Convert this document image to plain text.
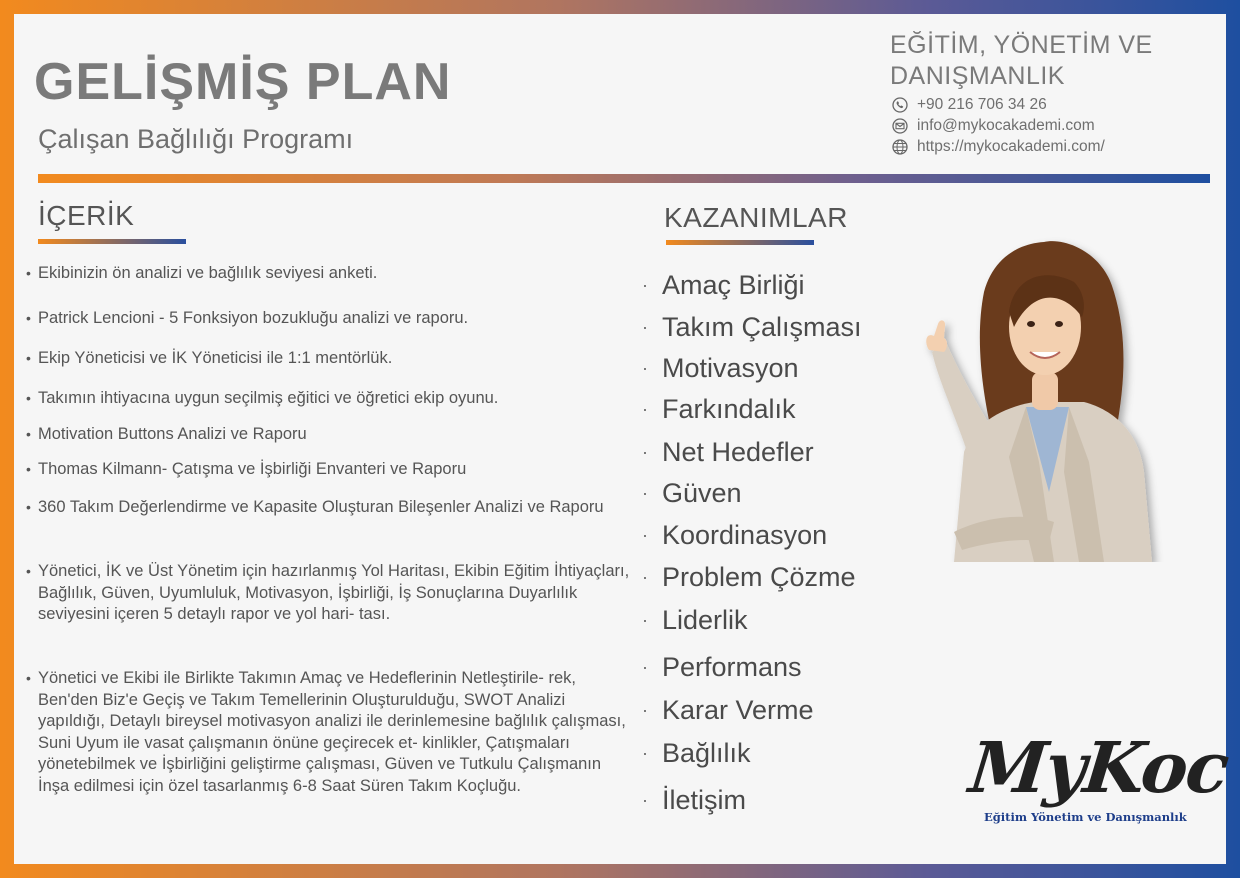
GELİŞMİŞ PLAN
Çalışan Bağlılığı Programı
EĞİTİM, YÖNETİM VE
DANIŞMANLIK
+90 216 706 34 26
info@mykocakademi.com
https://mykocakademi.com/
İÇERİK	KAZANIMLAR
• Ekibinizin ön analizi ve bağlılık seviyesi anketi.
• Patrick Lencioni - 5 Fonksiyon bozukluğu analizi ve raporu.
• Ekip Yöneticisi ve İK Yöneticisi ile 1:1 mentörlük.
• Takımın ihtiyacına uygun seçilmiş eğitici ve öğretici ekip oyunu.
• Motivation Buttons Analizi ve Raporu
• Thomas Kilmann- Çatışma ve İşbirliği Envanteri ve Raporu
• 360 Takım Değerlendirme ve Kapasite Oluşturan Bileşenler Analizi ve Raporu
• Yönetici, İK ve Üst Yönetim için hazırlanmış Yol Haritası, Ekibin Eğitim İhtiyaçları, Bağlılık, Güven, Uyumluluk, Motivasyon, İşbirliği, İş Sonuçlarına Duyarlılık seviyesini içeren 5 detaylı rapor ve yol hari- tası.
• Yönetici ve Ekibi ile Birlikte Takımın Amaç ve Hedeflerinin Netleştirile- rek, Ben'den Biz'e Geçiş ve Takım Temellerinin Oluşturulduğu, SWOT Analizi yapıldığı, Detaylı bireysel motivasyon analizi ile derinlemesine bağlılık çalışması, Suni Uyum ile vasat çalışmanın önüne geçirecek et- kinlikler, Çatışmaları yönetebilmek ve İşbirliğini geliştirme çalışması, Güven ve Tutkulu Çalışmanın İnşa edilmesi için özel tasarlanmış 6-8 Saat Süren Takım Koçluğu.
· Amaç Birliği
· Takım Çalışması
· Motivasyon
· Farkındalık
· Net Hedefler
· Güven
· Koordinasyon
· Problem Çözme
· Liderlik
· Performans
· Karar Verme
· Bağlılık
· İletişim	MyKoc
Eğitim Yönetim ve Danışmanlık
